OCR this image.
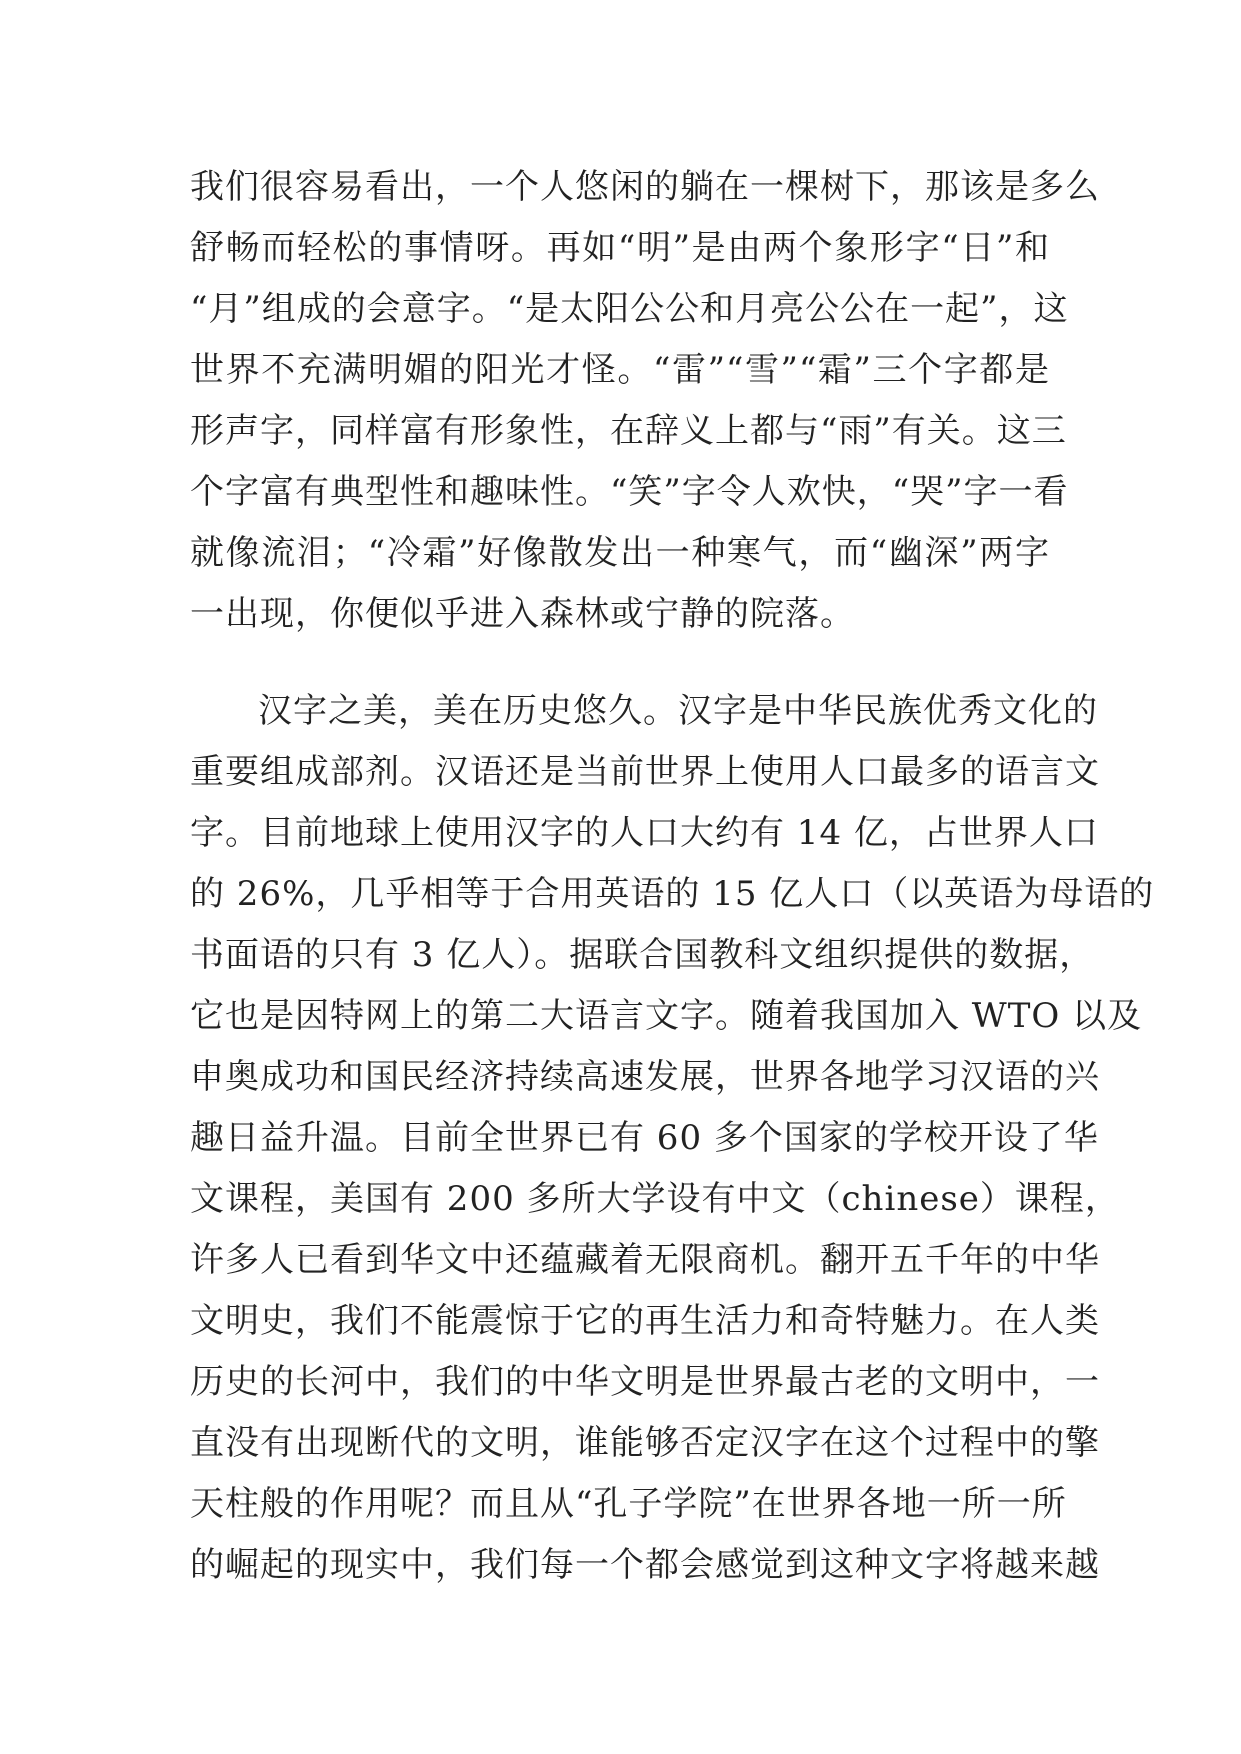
我们很容易看出，一个人悠闲的躺在一棵树下，那该是多么
舒畅而轻松的事情呀。再如“明”是由两个象形字“日”和
“月”组成的会意字。“是太阳公公和月亮公公在一起”，这
世界不充满明媚的阳光才怪。“雷”“雪”“霜”三个字都是
形声字，同样富有形象性，在辞义上都与“雨”有关。这三
个字富有典型性和趣味性。“笑”字令人欢快，“哭”字一看
就像流泪；“冷霜”好像散发出一种寒气，而“幽深”两字
一出现，你便似乎进入森林或宁静的院落。
汉字之美，美在历史悠久。汉字是中华民族优秀文化的
重要组成部剂。汉语还是当前世界上使用人口最多的语言文
字。目前地球上使用汉字的人口大约有 14 亿，占世界人口
的 26%，几乎相等于合用英语的 15 亿人口（以英语为母语的
书面语的只有 3 亿人）。据联合国教科文组织提供的数据，
它也是因特网上的第二大语言文字。随着我国加入 WTO 以及
申奥成功和国民经济持续高速发展，世界各地学习汉语的兴
趣日益升温。目前全世界已有 60 多个国家的学校开设了华
文课程，美国有 200 多所大学设有中文（chinese）课程，
许多人已看到华文中还蕴藏着无限商机。翻开五千年的中华
文明史，我们不能震惊于它的再生活力和奇特魅力。在人类
历史的长河中，我们的中华文明是世界最古老的文明中，一
直没有出现断代的文明，谁能够否定汉字在这个过程中的擎
天柱般的作用呢？而且从“孔子学院”在世界各地一所一所
的崛起的现实中，我们每一个都会感觉到这种文字将越来越
